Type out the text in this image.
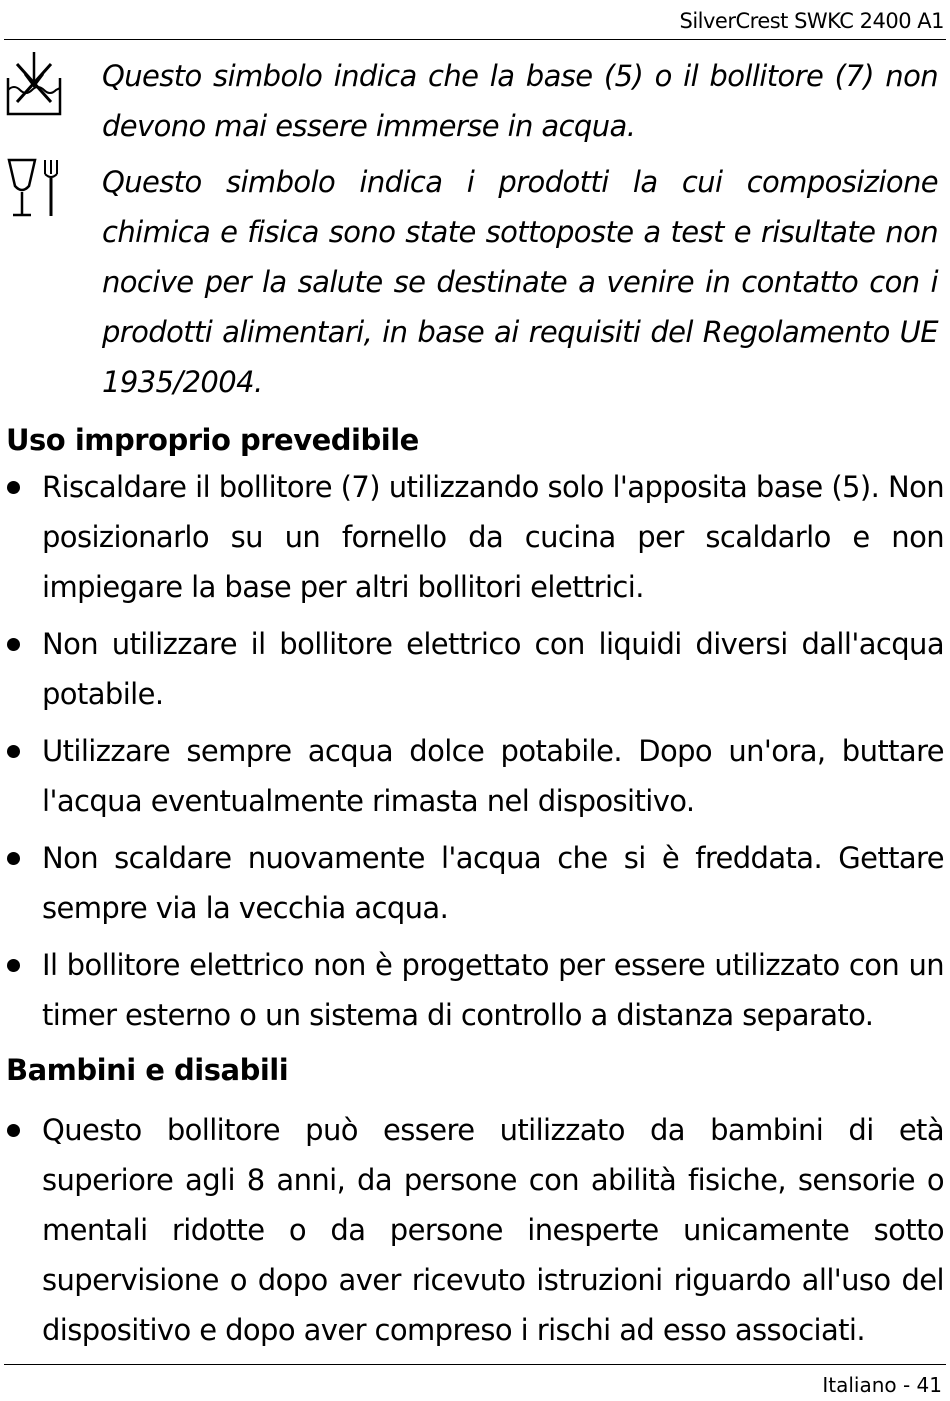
SilverCrest SWKC 2400 A1

Questo simbolo indica che la base (5) o il bollitore (7) non devono mai essere immerse in acqua.

Questo simbolo indica i prodotti la cui composizione chimica e fisica sono state sottoposte a test e risultate non nocive per la salute se destinate a venire in contatto con i prodotti alimentari, in base ai requisiti del Regolamento UE 1935/2004.

Uso improprio prevedibile
Riscaldare il bollitore (7) utilizzando solo l'apposita base (5). Non posizionarlo su un fornello da cucina per scaldarlo e non impiegare la base per altri bollitori elettrici.
Non utilizzare il bollitore elettrico con liquidi diversi dall'acqua potabile.
Utilizzare sempre acqua dolce potabile. Dopo un'ora, buttare l'acqua eventualmente rimasta nel dispositivo.
Non scaldare nuovamente l'acqua che si è freddata. Gettare sempre via la vecchia acqua.
Il bollitore elettrico non è progettato per essere utilizzato con un timer esterno o un sistema di controllo a distanza separato.
Bambini e disabili
Questo bollitore può essere utilizzato da bambini di età superiore agli 8 anni, da persone con abilità fisiche, sensorie o mentali ridotte o da persone inesperte unicamente sotto supervisione o dopo aver ricevuto istruzioni riguardo all'uso del dispositivo e dopo aver compreso i rischi ad esso associati.
Italiano - 41
